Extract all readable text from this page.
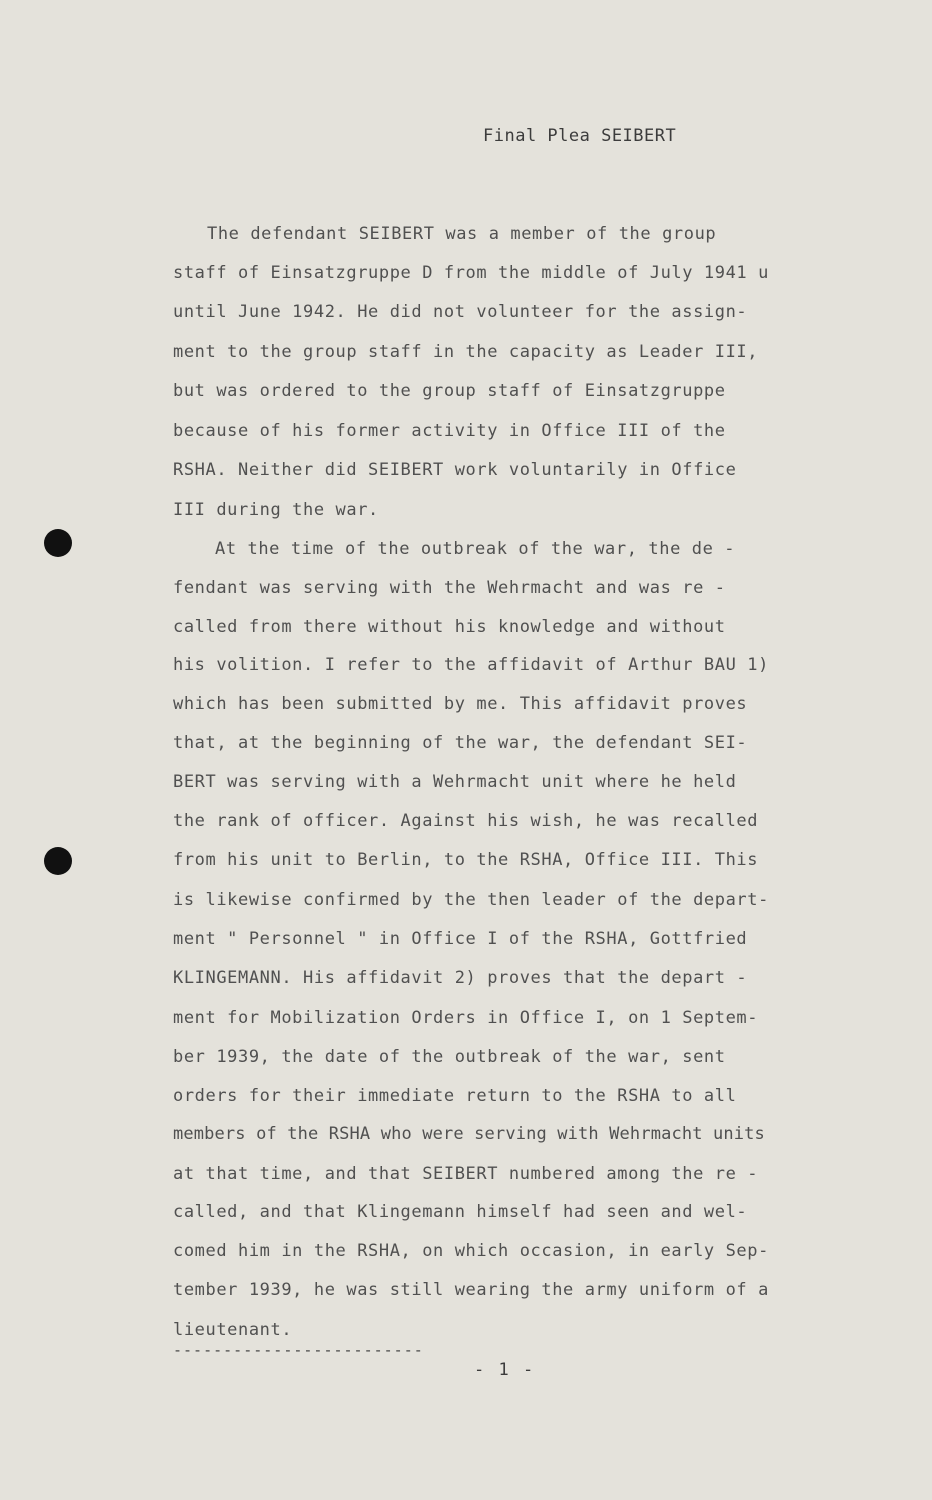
Final Plea SEIBERT
The defendant SEIBERT was a member of the group
staff of Einsatzgruppe D from the middle of July 1941 u
until June 1942. He did not volunteer for the assign-
ment to the group staff in the capacity as Leader III,
but was ordered to the group staff of Einsatzgruppe
because of his former activity in Office III of the
RSHA. Neither did SEIBERT work voluntarily in Office
III during the war.
At the time of the outbreak of the war, the de -
fendant was serving with the Wehrmacht and was re -
called from there without his knowledge and without
his volition. I refer to the affidavit of Arthur BAU 1)
which has been submitted by me. This affidavit proves
that, at the beginning of the war, the defendant SEI-
BERT was serving with a Wehrmacht unit where he held
the rank of officer. Against his wish, he was recalled
from his unit to Berlin, to the RSHA, Office III. This
is likewise confirmed by the then leader of the depart-
ment " Personnel " in Office I of the RSHA, Gottfried
KLINGEMANN. His affidavit 2) proves that the depart -
ment for Mobilization Orders in Office I, on 1 Septem-
ber 1939, the date of the outbreak of the war, sent
orders for their immediate return to the RSHA to all
members of the RSHA who were serving with Wehrmacht units
at that time, and that SEIBERT numbered among the re -
called, and that Klingemann himself had seen and wel-
comed him in the RSHA, on which occasion, in early Sep-
tember 1939, he was still wearing the army uniform of a
lieutenant.
-------------------------
- 1 -
